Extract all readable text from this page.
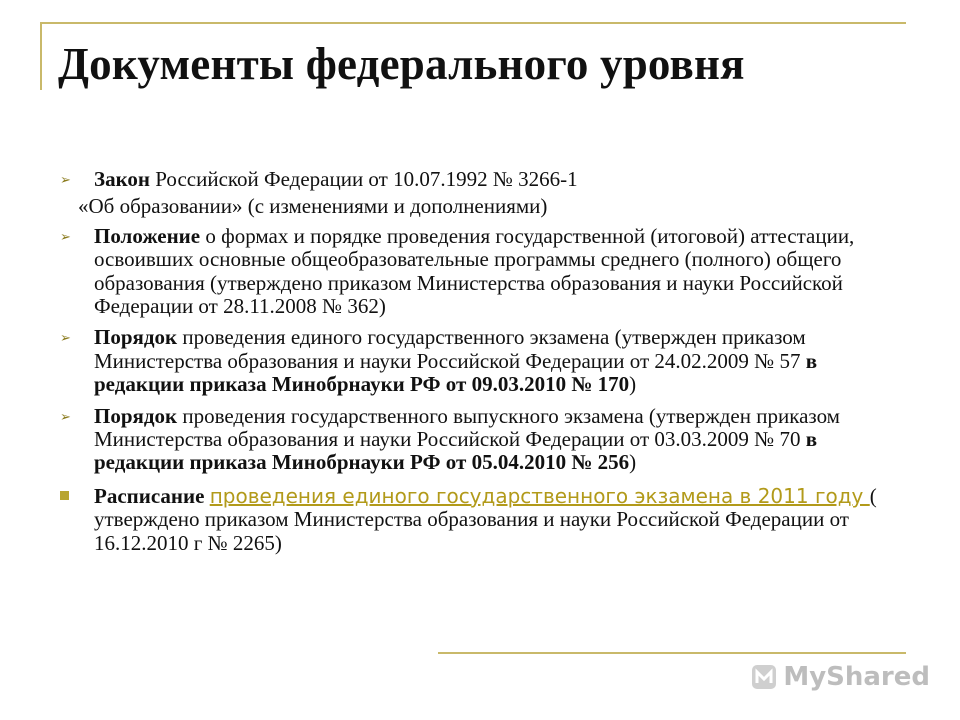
Документы федерального уровня
➢ Закон Российской Федерации от 10.07.1992 № 3266-1
«Об образовании» (с изменениями и дополнениями)
➢ Положение о формах и порядке проведения государственной (итоговой) аттестации, освоивших основные общеобразовательные программы среднего (полного) общего образования (утверждено приказом Министерства образования и науки Российской Федерации от 28.11.2008 № 362)
➢ Порядок проведения единого государственного экзамена (утвержден приказом Министерства образования и науки Российской Федерации от 24.02.2009 № 57 в редакции приказа Минобрнауки РФ от 09.03.2010 № 170)
➢ Порядок проведения государственного выпускного экзамена (утвержден приказом Министерства образования и науки Российской Федерации от 03.03.2009 № 70 в редакции приказа Минобрнауки РФ от 05.04.2010 № 256)
Расписание проведения единого государственного экзамена в 2011 году ( утверждено приказом Министерства образования и науки Российской Федерации от 16.12.2010 г № 2265)
MyShared
